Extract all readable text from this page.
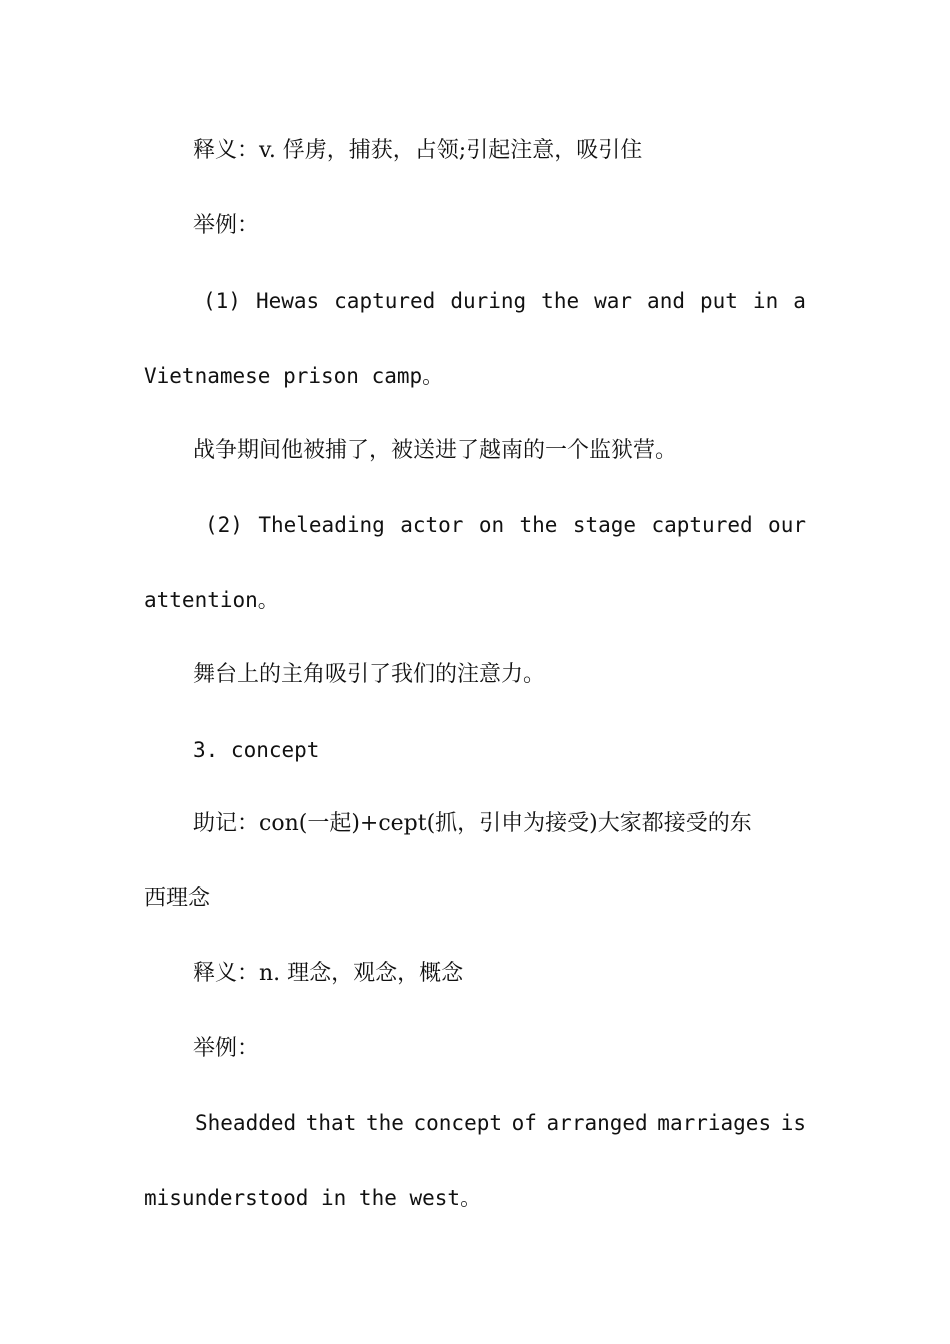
释义：v. 俘虏，捕获，占领;引起注意，吸引住

举例：

(1) Hewas captured during the war and put in a

Vietnamese prison camp。

战争期间他被捕了，被送进了越南的一个监狱营。

(2) Theleading actor on the stage captured our

attention。

舞台上的主角吸引了我们的注意力。

3. concept

助记：con(一起)+cept(抓，引申为接受)大家都接受的东

西理念

释义：n. 理念，观念，概念

举例：

Sheadded that the concept of arranged marriages is

misunderstood in the west。
